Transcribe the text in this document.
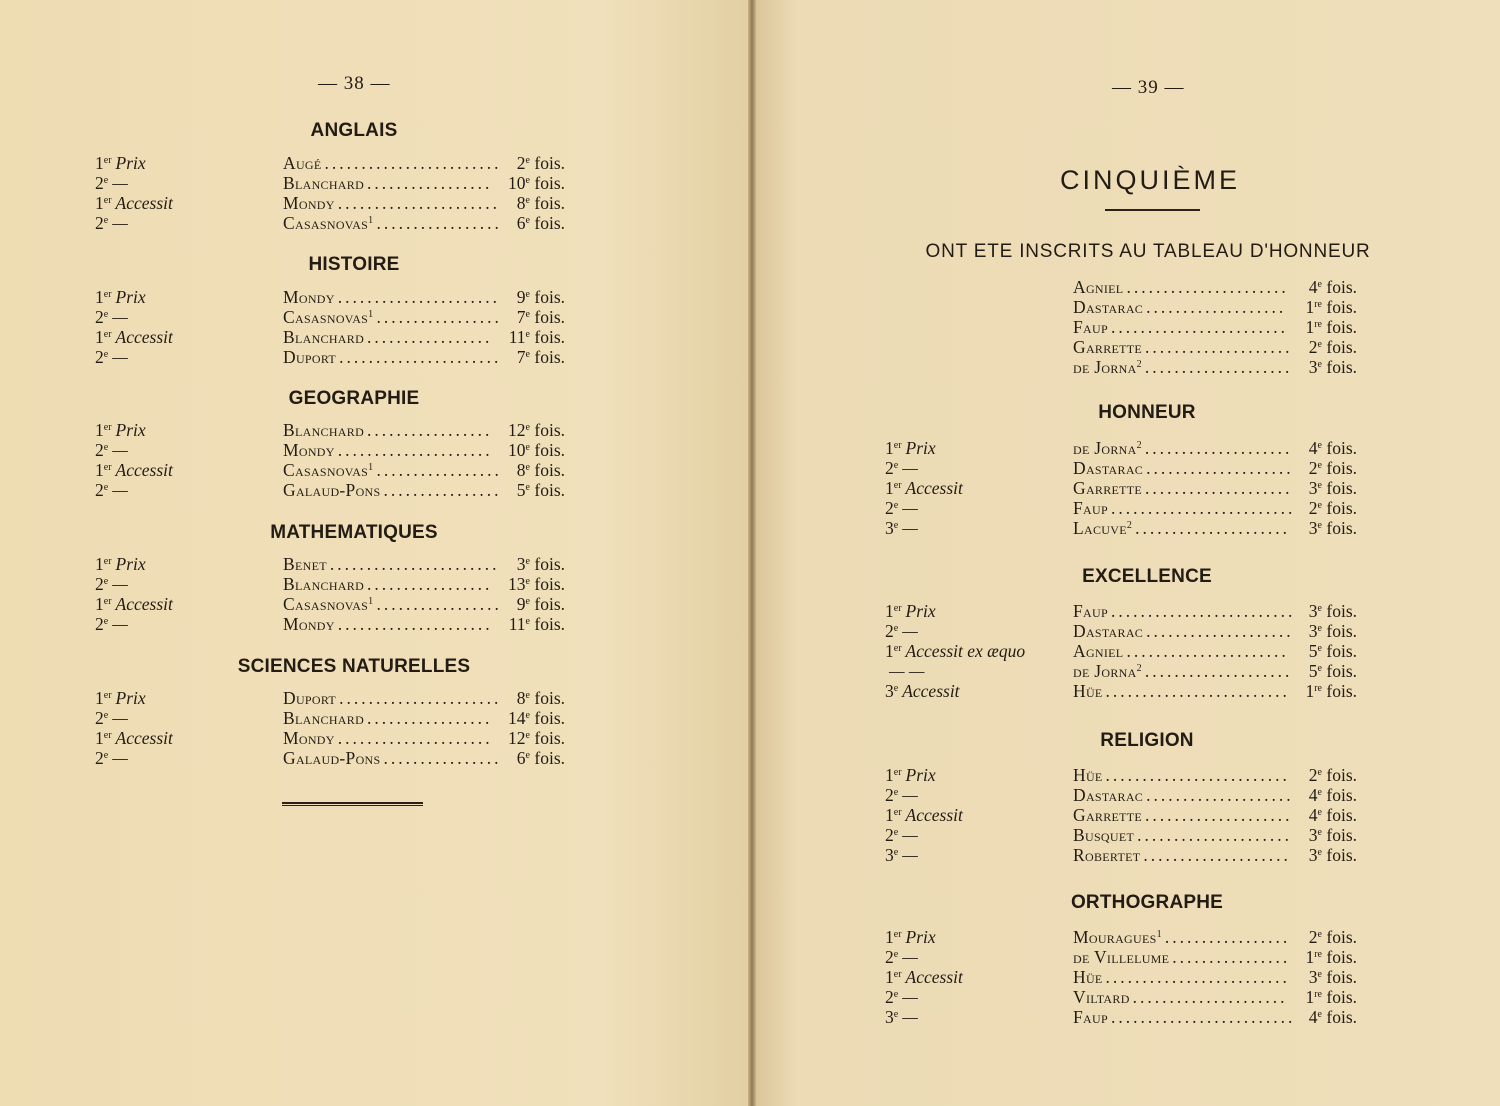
— 38 —	— 39 —
CINQUIÈME
ONT ETE INSCRITS AU TABLEAU D'HONNEUR
ANGLAIS
1er Prix	Augé ........................ 2e fois.
2e —	Blanchard ................. 10e fois.
1er Accessit	Mondy ...................... 8e fois.
2e —	Casasnovas$^1$ ................. 6e fois.
HISTOIRE
1er Prix	Mondy ...................... 9e fois.
2e —	Casasnovas$^1$ ................. 7e fois.
1er Accessit	Blanchard ................. 11e fois.
2e —	Duport ...................... 7e fois.
GEOGRAPHIE
1er Prix	Blanchard ................. 12e fois.
2e —	Mondy ..................... 10e fois.
1er Accessit	Casasnovas$^1$ ................. 8e fois.
2e —	Galaud-Pons ................ 5e fois.
MATHEMATIQUES
1er Prix	Benet ....................... 3e fois.
2e —	Blanchard ................. 13e fois.
1er Accessit	Casasnovas$^1$ ................. 9e fois.
2e —	Mondy ..................... 11e fois.
SCIENCES NATURELLES
1er Prix	Duport ...................... 8e fois.
2e —	Blanchard ................. 14e fois.
1er Accessit	Mondy ..................... 12e fois.
2e —	Galaud-Pons ................ 6e fois.
HONNEUR
1er Prix	de Jorna$^2$ .................... 4e fois.
2e —	Dastarac .................... 2e fois.
1er Accessit	Garrette .................... 3e fois.
2e —	Faup ......................... 2e fois.
3e —	Lacuve$^2$ ..................... 3e fois.
EXCELLENCE
1er Prix	Faup ......................... 3e fois.
2e —	Dastarac .................... 3e fois.
1er Accessit ex æquo	Agniel ...................... 5e fois.
— —	de Jorna$^2$ .................... 5e fois.
3e Accessit	Hüe ......................... 1re fois.
RELIGION
1er Prix	Hüe ......................... 2e fois.
2e —	Dastarac .................... 4e fois.
1er Accessit	Garrette .................... 4e fois.
2e —	Busquet ..................... 3e fois.
3e —	Robertet .................... 3e fois.
ORTHOGRAPHE
1er Prix	Mouragues$^1$ ................. 2e fois.
2e —	de Villelume ................ 1re fois.
1er Accessit	Hüe ......................... 3e fois.
2e —	Viltard ..................... 1re fois.
3e —	Faup ......................... 4e fois.
Agniel ...................... 4e fois.
Dastarac ................... 1re fois.
Faup ........................ 1re fois.
Garrette .................... 2e fois.
de Jorna$^2$ .................... 3e fois.
